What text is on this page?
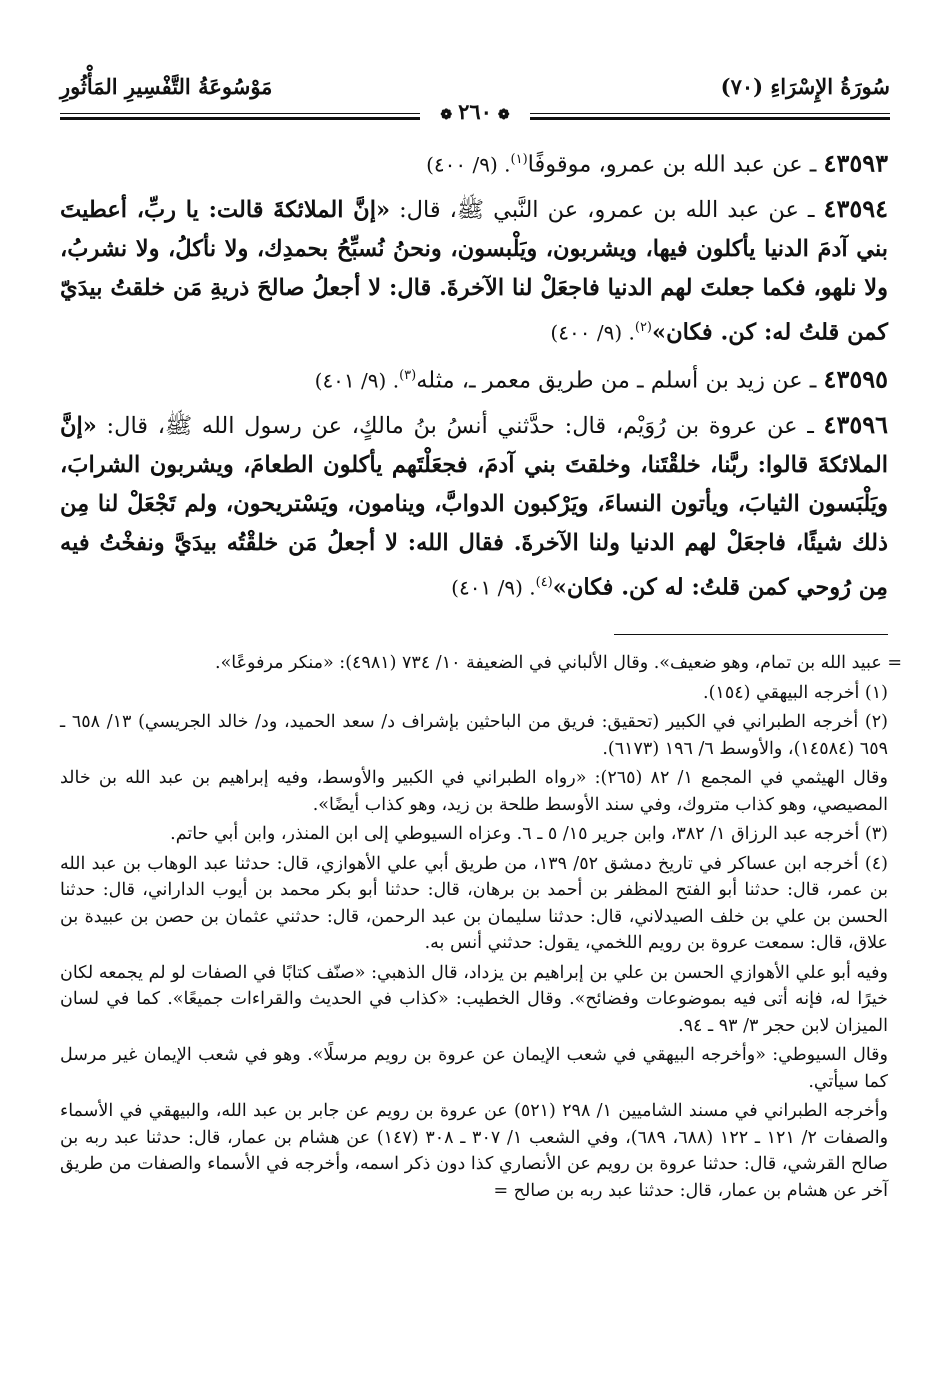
سُورَةُ الإِسْرَاءِ (٧٠)
مَوْسُوعَةُ التَّفْسِيرِ المَأْثُورِ
❁٢٦٠❁

٤٣٥٩٣ ـ عن عبد الله بن عمرو، موقوفًا$^{(١)}$. (٩/ ٤٠٠)

٤٣٥٩٤ ـ عن عبد الله بن عمرو، عن النَّبي ﷺ، قال: «إنَّ الملائكةَ قالت: يا ربِّ، أعطيتَ بني آدمَ الدنيا يأكلون فيها، ويشربون، ويَلْبسون، ونحنُ نُسبِّحُ بحمدِك، ولا نأكلُ، ولا نشربُ، ولا نلهو، فكما جعلتَ لهم الدنيا فاجعَلْ لنا الآخرةَ. قال: لا أجعلُ صالحَ ذريةِ مَن خلقتُ بيدَيّ كمن قلتُ له: كن. فكان»$^{(٢)}$. (٩/ ٤٠٠)

٤٣٥٩٥ ـ عن زيد بن أسلم ـ من طريق معمر ـ، مثله$^{(٣)}$. (٩/ ٤٠١)

٤٣٥٩٦ ـ عن عروة بن رُوَيْم، قال: حدَّثني أنسُ بنُ مالكٍ، عن رسول الله ﷺ، قال: «إنَّ الملائكةَ قالوا: ربَّنا، خلقْتَنا، وخلقتَ بني آدمَ، فجعَلْتَهم يأكلون الطعامَ، ويشربون الشرابَ، ويَلْبَسون الثيابَ، ويأتون النساءَ، ويَرْكبون الدوابَّ، وينامون، ويَسْتريحون، ولم تَجْعَلْ لنا مِن ذلك شيئًا، فاجعَلْ لهم الدنيا ولنا الآخرةَ. فقال الله: لا أجعلُ مَن خلقْتُه بيدَيَّ ونفخْتُ فيه مِن رُوحي كمن قلتُ: له كن. فكان»$^{(٤)}$. (٩/ ٤٠١)

= عبيد الله بن تمام، وهو ضعيف». وقال الألباني في الضعيفة ١٠/ ٧٣٤ (٤٩٨١): «منكر مرفوعًا».

(١) أخرجه البيهقي (١٥٤).

(٢) أخرجه الطبراني في الكبير (تحقيق: فريق من الباحثين بإشراف د/ سعد الحميد، ود/ خالد الجريسي) ١٣/ ٦٥٨ ـ ٦٥٩ (١٤٥٨٤)، والأوسط ٦/ ١٩٦ (٦١٧٣).

وقال الهيثمي في المجمع ١/ ٨٢ (٢٦٥): «رواه الطبراني في الكبير والأوسط، وفيه إبراهيم بن عبد الله بن خالد المصيصي، وهو كذاب متروك، وفي سند الأوسط طلحة بن زيد، وهو كذاب أيضًا».

(٣) أخرجه عبد الرزاق ١/ ٣٨٢، وابن جرير ١٥/ ٥ ـ ٦. وعزاه السيوطي إلى ابن المنذر، وابن أبي حاتم.

(٤) أخرجه ابن عساكر في تاريخ دمشق ٥٢/ ١٣٩، من طريق أبي علي الأهوازي، قال: حدثنا عبد الوهاب بن عبد الله بن عمر، قال: حدثنا أبو الفتح المظفر بن أحمد بن برهان، قال: حدثنا أبو بكر محمد بن أيوب الداراني، قال: حدثنا الحسن بن علي بن خلف الصيدلاني، قال: حدثنا سليمان بن عبد الرحمن، قال: حدثني عثمان بن حصن بن عبيدة بن علاق، قال: سمعت عروة بن رويم اللخمي، يقول: حدثني أنس به.

وفيه أبو علي الأهوازي الحسن بن علي بن إبراهيم بن يزداد، قال الذهبي: «صنّف كتابًا في الصفات لو لم يجمعه لكان خيرًا له، فإنه أتى فيه بموضوعات وفضائح». وقال الخطيب: «كذاب في الحديث والقراءات جميعًا». كما في لسان الميزان لابن حجر ٣/ ٩٣ ـ ٩٤.

وقال السيوطي: «وأخرجه البيهقي في شعب الإيمان عن عروة بن رويم مرسلًا». وهو في شعب الإيمان غير مرسل كما سيأتي.

وأخرجه الطبراني في مسند الشاميين ١/ ٢٩٨ (٥٢١) عن عروة بن رويم عن جابر بن عبد الله، والبيهقي في الأسماء والصفات ٢/ ١٢١ ـ ١٢٢ (٦٨٨، ٦٨٩)، وفي الشعب ١/ ٣٠٧ ـ ٣٠٨ (١٤٧) عن هشام بن عمار، قال: حدثنا عبد ربه بن صالح القرشي، قال: حدثنا عروة بن رويم عن الأنصاري كذا دون ذكر اسمه، وأخرجه في الأسماء والصفات من طريق آخر عن هشام بن عمار، قال: حدثنا عبد ربه بن صالح =
